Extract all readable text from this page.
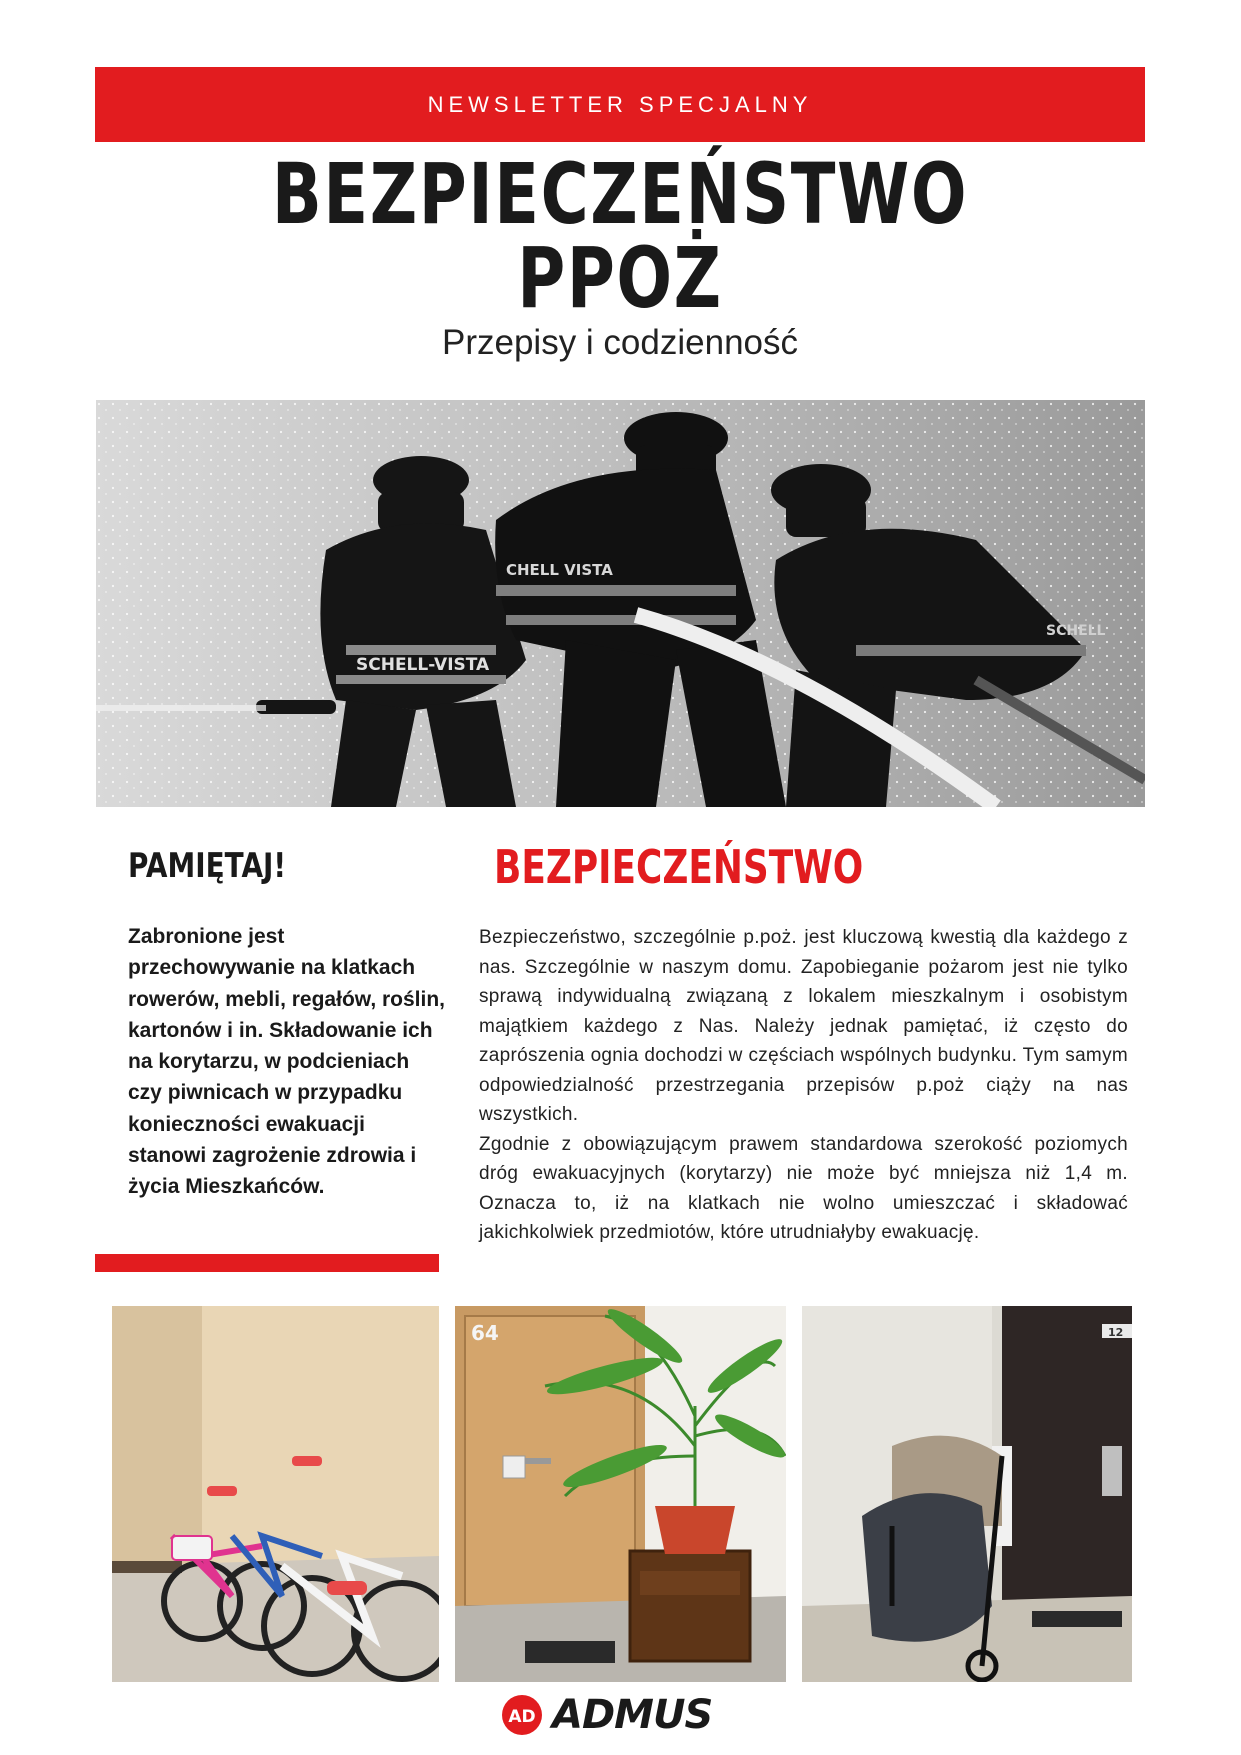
NEWSLETTER SPECJALNY
BEZPIECZEŃSTWO PPOŻ
Przepisy i codzienność
SCHELL-VISTA
CHELL VISTA
SCHELL
PAMIĘTAJ!
Zabronione jest przechowywanie na klatkach rowerów, mebli, regałów, roślin, kartonów i in. Składowanie ich na korytarzu, w podcieniach czy piwnicach w przypadku konieczności ewakuacji stanowi zagrożenie zdrowia i życia Mieszkańców.
BEZPIECZEŃSTWO

Bezpieczeństwo, szczególnie p.poż. jest kluczową kwestią dla każdego z nas. Szczególnie w naszym domu. Zapobieganie pożarom jest nie tylko sprawą indywidualną związaną z lokalem mieszkalnym i osobistym majątkiem każdego z Nas. Należy jednak pamiętać, iż często do zaprószenia ognia dochodzi w częściach wspólnych budynku. Tym samym odpowiedzialność przestrzegania przepisów p.poż ciąży na nas wszystkich.

Zgodnie z obowiązującym prawem standardowa szerokość poziomych dróg ewakuacyjnych (korytarzy) nie może być mniejsza niż 1,4 m. Oznacza to, iż na klatkach nie wolno umieszczać i składować jakichkolwiek przedmiotów, które utrudniałyby ewakuację.

64	12
AD ADMUS
